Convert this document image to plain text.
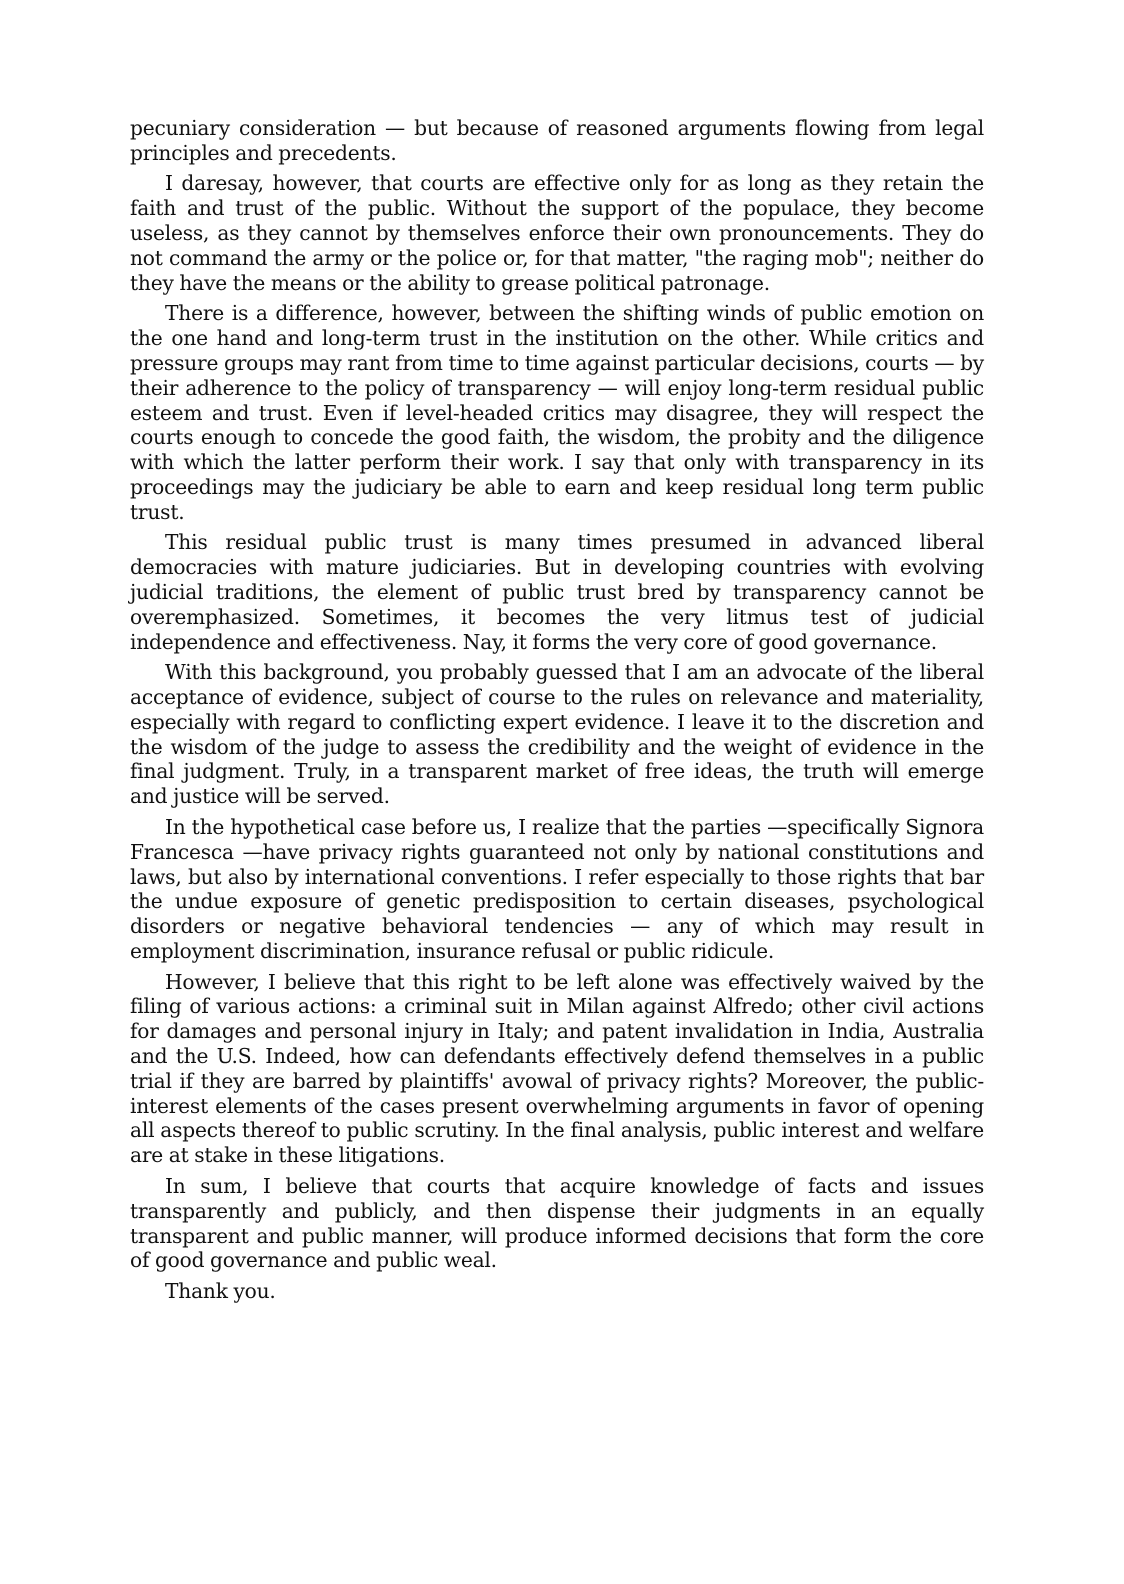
pecuniary consideration — but because of reasoned arguments flowing from legal principles and precedents.

I daresay, however, that courts are effective only for as long as they retain the faith and trust of the public. Without the support of the populace, they become useless, as they cannot by themselves enforce their own pronouncements. They do not command the army or the police or, for that matter, "the raging mob"; neither do they have the means or the ability to grease political patronage.

There is a difference, however, between the shifting winds of public emotion on the one hand and long-term trust in the institution on the other. While critics and pressure groups may rant from time to time against particular decisions, courts — by their adherence to the policy of transparency — will enjoy long-term residual public esteem and trust. Even if level-headed critics may disagree, they will respect the courts enough to concede the good faith, the wisdom, the probity and the diligence with which the latter perform their work. I say that only with transparency in its proceedings may the judiciary be able to earn and keep residual long term public trust.

This residual public trust is many times presumed in advanced liberal democracies with mature judiciaries. But in developing countries with evolving judicial traditions, the element of public trust bred by transparency cannot be overemphasized. Sometimes, it becomes the very litmus test of judicial independence and effectiveness. Nay, it forms the very core of good governance.

With this background, you probably guessed that I am an advocate of the liberal acceptance of evidence, subject of course to the rules on relevance and materiality, especially with regard to conflicting expert evidence. I leave it to the discretion and the wisdom of the judge to assess the credibility and the weight of evidence in the final judgment. Truly, in a transparent market of free ideas, the truth will emerge and justice will be served.

In the hypothetical case before us, I realize that the parties —specifically Signora Francesca —have privacy rights guaranteed not only by national constitutions and laws, but also by international conventions. I refer especially to those rights that bar the undue exposure of genetic predisposition to certain diseases, psychological disorders or negative behavioral tendencies — any of which may result in employment discrimination, insurance refusal or public ridicule.

However, I believe that this right to be left alone was effectively waived by the filing of various actions: a criminal suit in Milan against Alfredo; other civil actions for damages and personal injury in Italy; and patent invalidation in India, Australia and the U.S. Indeed, how can defendants effectively defend themselves in a public trial if they are barred by plaintiffs' avowal of privacy rights? Moreover, the public-interest elements of the cases present overwhelming arguments in favor of opening all aspects thereof to public scrutiny. In the final analysis, public interest and welfare are at stake in these litigations.

In sum, I believe that courts that acquire knowledge of facts and issues transparently and publicly, and then dispense their judgments in an equally transparent and public manner, will produce informed decisions that form the core of good governance and public weal.

Thank you.
